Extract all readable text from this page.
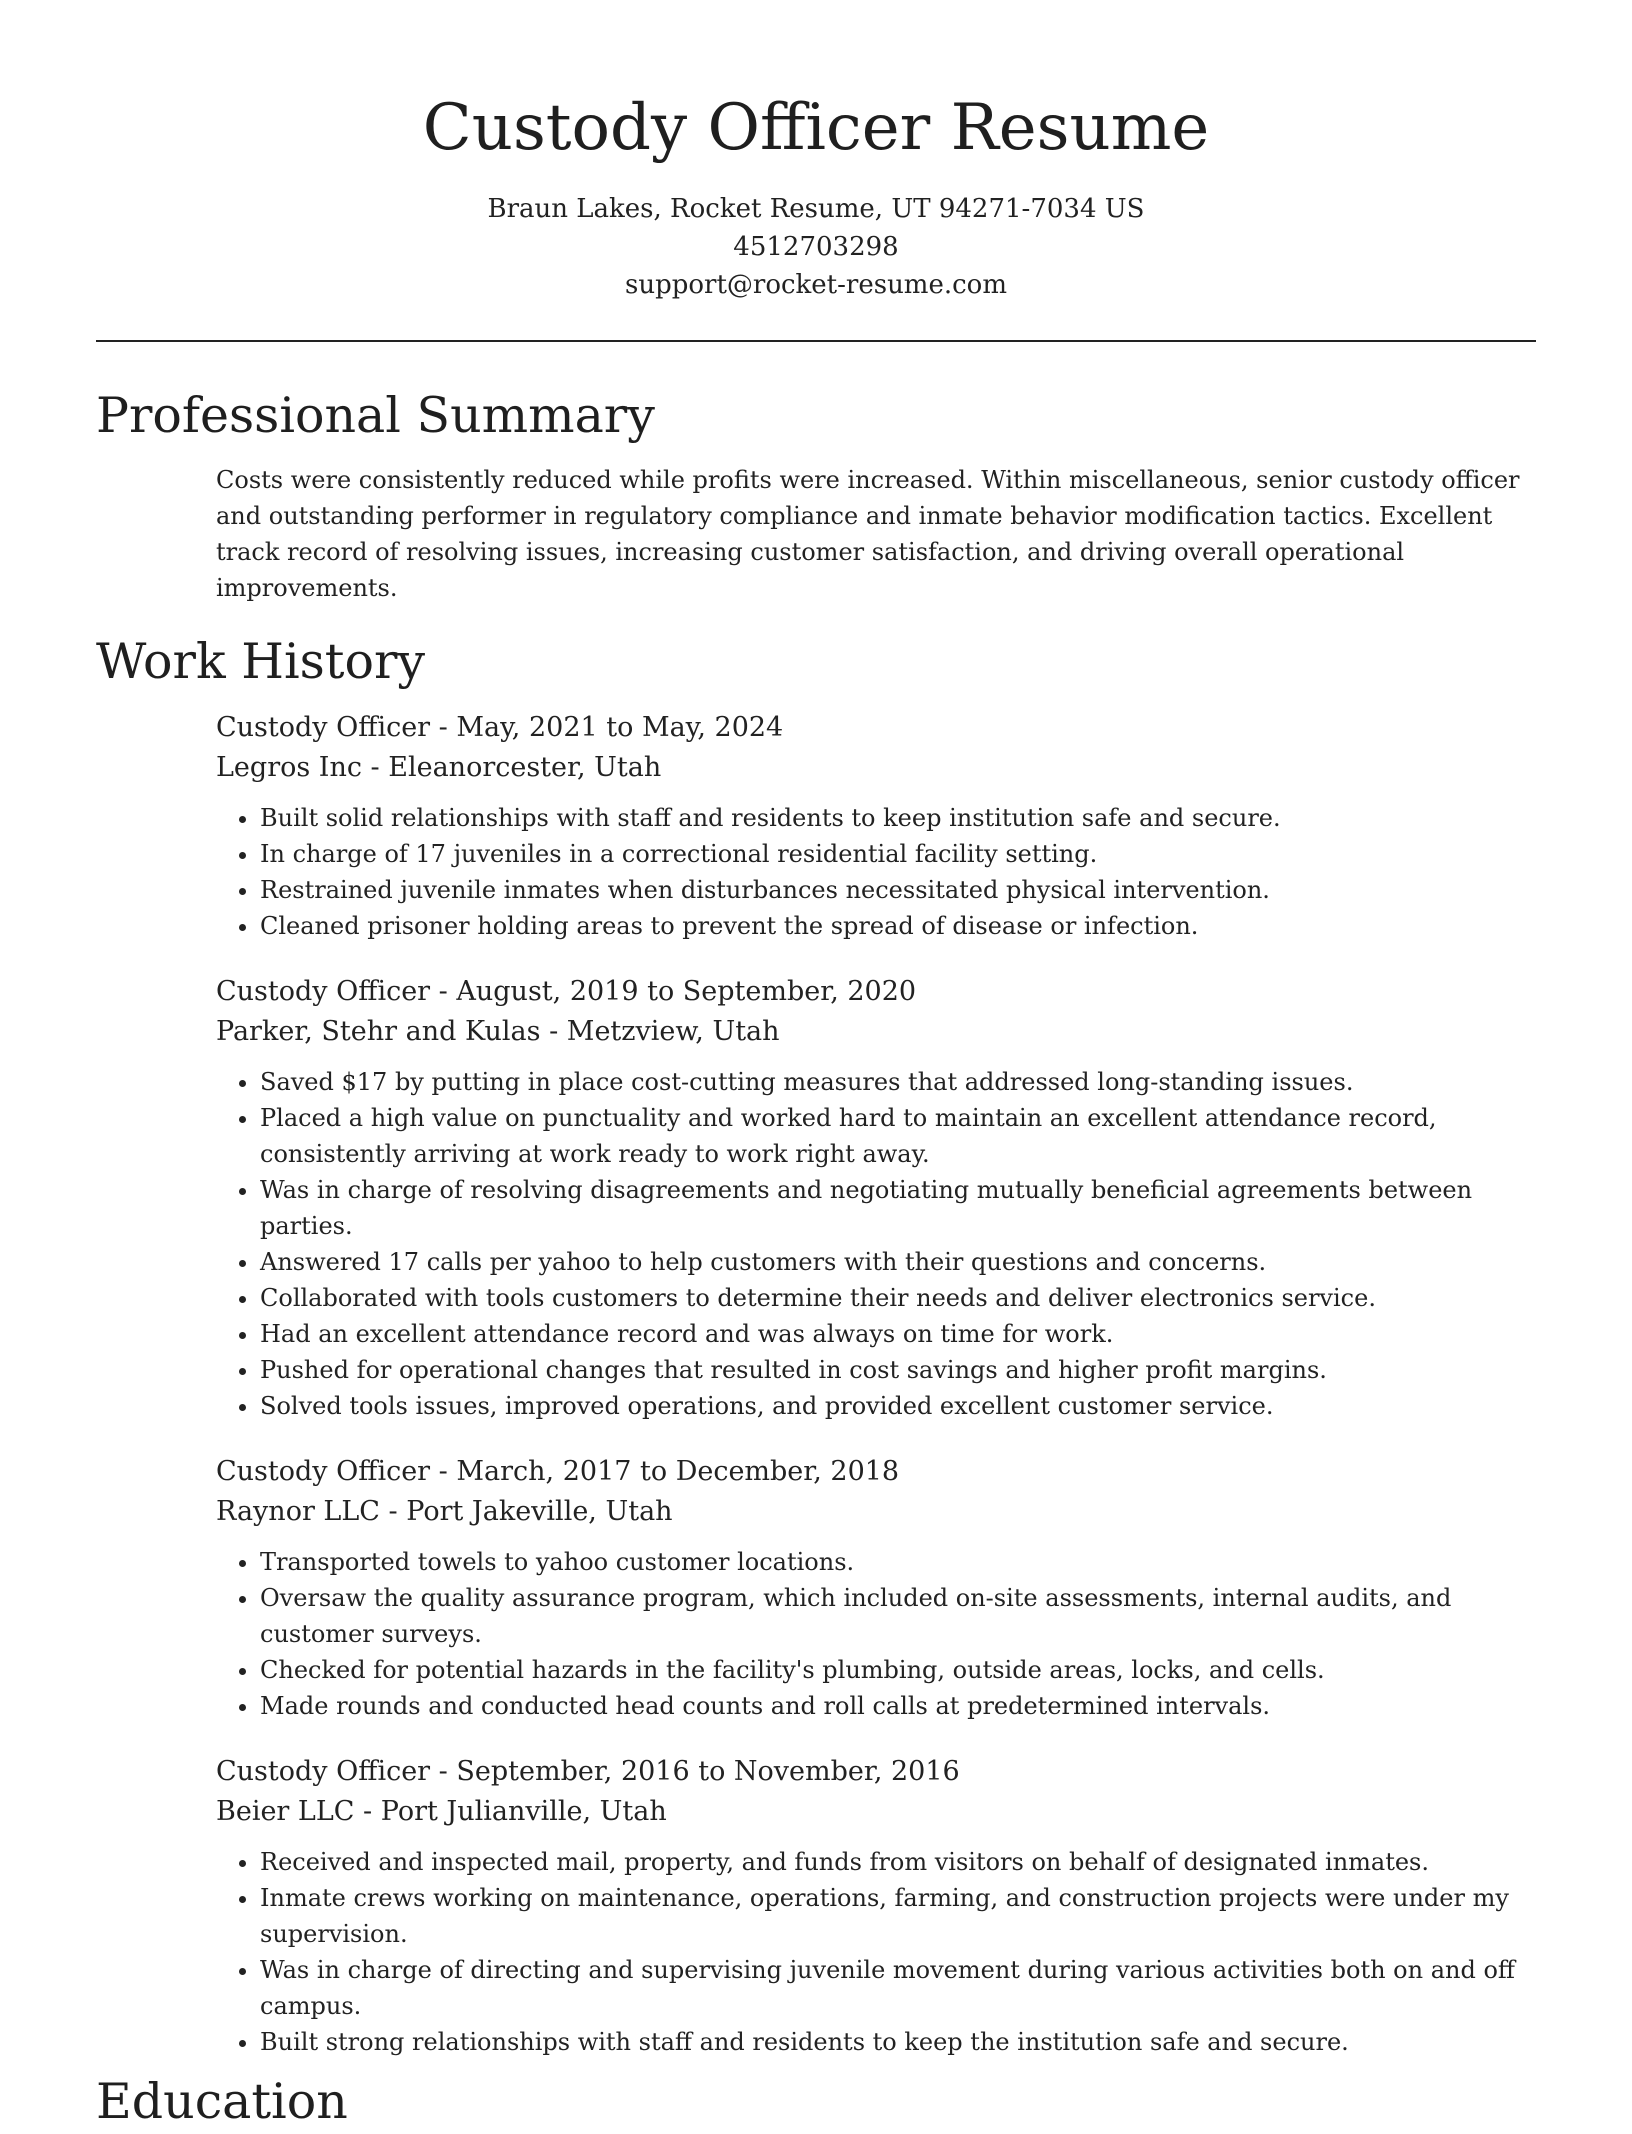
Custody Officer Resume
Braun Lakes, Rocket Resume, UT 94271-7034 US
4512703298
support@rocket-resume.com
Professional Summary

Costs were consistently reduced while profits were increased. Within miscellaneous, senior custody officer and outstanding performer in regulatory compliance and inmate behavior modification tactics. Excellent track record of resolving issues, increasing customer satisfaction, and driving overall operational improvements.

Work History
Custody Officer - May, 2021 to May, 2024
Legros Inc - Eleanorcester, Utah
• Built solid relationships with staff and residents to keep institution safe and secure.
• In charge of 17 juveniles in a correctional residential facility setting.
• Restrained juvenile inmates when disturbances necessitated physical intervention.
• Cleaned prisoner holding areas to prevent the spread of disease or infection.
Custody Officer - August, 2019 to September, 2020
Parker, Stehr and Kulas - Metzview, Utah
• Saved $17 by putting in place cost-cutting measures that addressed long-standing issues.
• Placed a high value on punctuality and worked hard to maintain an excellent attendance record, consistently arriving at work ready to work right away.
• Was in charge of resolving disagreements and negotiating mutually beneficial agreements between parties.
• Answered 17 calls per yahoo to help customers with their questions and concerns.
• Collaborated with tools customers to determine their needs and deliver electronics service.
• Had an excellent attendance record and was always on time for work.
• Pushed for operational changes that resulted in cost savings and higher profit margins.
• Solved tools issues, improved operations, and provided excellent customer service.
Custody Officer - March, 2017 to December, 2018
Raynor LLC - Port Jakeville, Utah
• Transported towels to yahoo customer locations.
• Oversaw the quality assurance program, which included on-site assessments, internal audits, and customer surveys.
• Checked for potential hazards in the facility's plumbing, outside areas, locks, and cells.
• Made rounds and conducted head counts and roll calls at predetermined intervals.
Custody Officer - September, 2016 to November, 2016
Beier LLC - Port Julianville, Utah
• Received and inspected mail, property, and funds from visitors on behalf of designated inmates.
• Inmate crews working on maintenance, operations, farming, and construction projects were under my supervision.
• Was in charge of directing and supervising juvenile movement during various activities both on and off campus.
• Built strong relationships with staff and residents to keep the institution safe and secure.
Education
